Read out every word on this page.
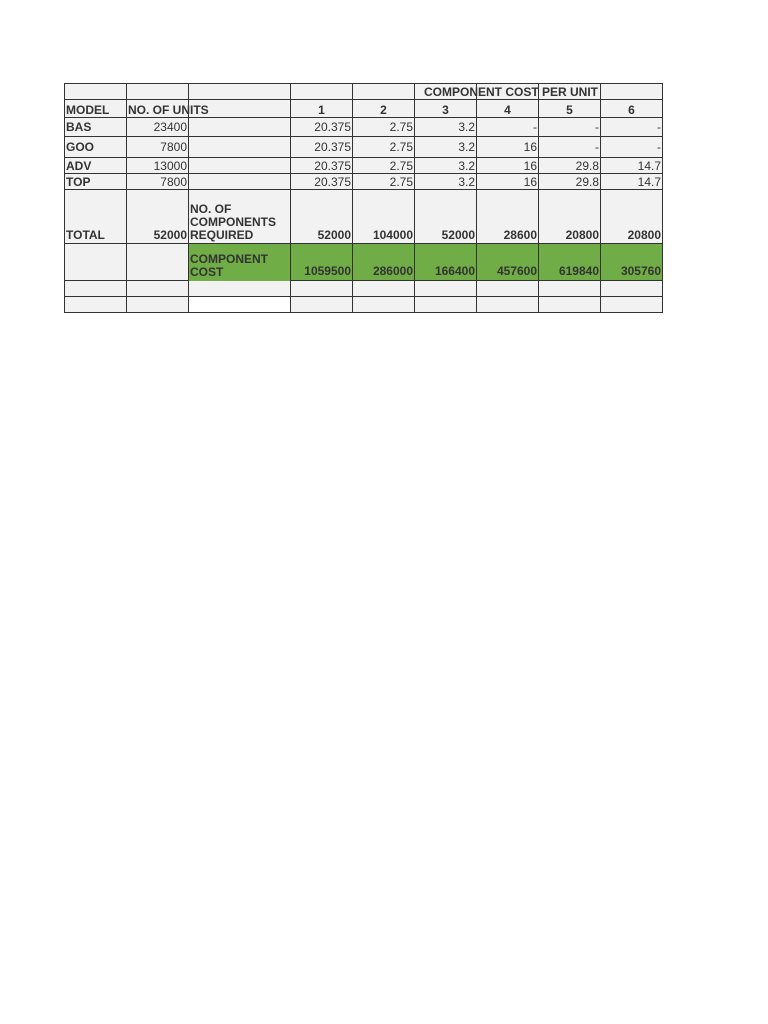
					COMPONENT COST PER UNIT			

MODEL	NO. OF UNITS		1	2	3	4	5	6
BAS	23400		20.375	2.75	3.2	-	-	-
GOO	7800		20.375	2.75	3.2	16	-	-
ADV	13000		20.375	2.75	3.2	16	29.8	14.7
TOP	7800		20.375	2.75	3.2	16	29.8	14.7
TOTAL	52000	NO. OF COMPONENTS REQUIRED	52000	104000	52000	28600	20800	20800
		COMPONENT COST	1059500	286000	166400	457600	619840	305760
